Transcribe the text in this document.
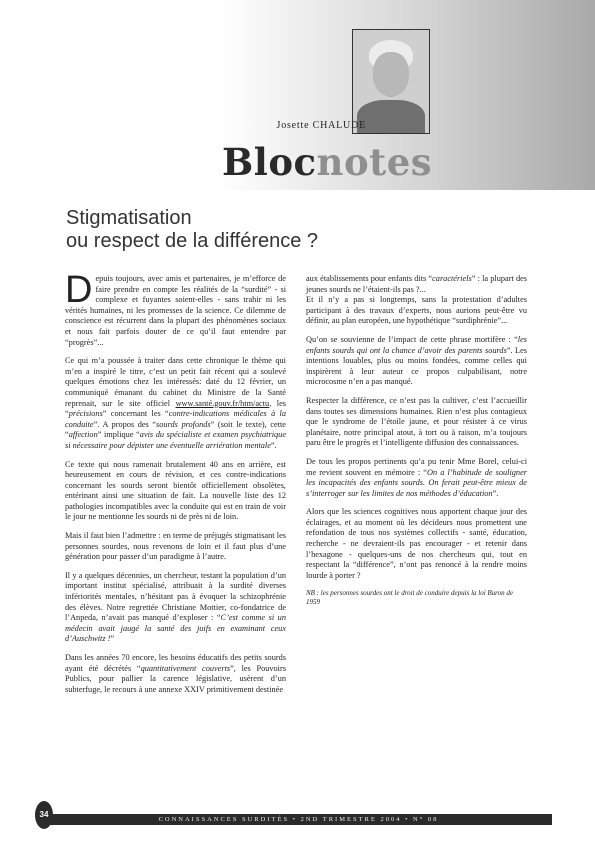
Josette CHALUDE
Blocnotes
Stigmatisation
ou respect de la différence ?

Depuis toujours, avec amis et partenaires, je m’efforce de faire prendre en compte les réalités de la “surdité” - si complexe et fuyantes soient-elles - sans trahir ni les vérités humaines, ni les promesses de la science. Ce dilemme de conscience est récurrent dans la plupart des phénomènes sociaux et nous fait parfois douter de ce qu’il faut entendre par “progrès”...

Ce qui m’a poussée à traiter dans cette chronique le thème qui m’en a inspiré le titre, c’est un petit fait récent qui a soulevé quelques émotions chez les intéressés: daté du 12 février, un communiqué émanant du cabinet du Ministre de la Santé reprenait, sur le site officiel www.santé.gouv.fr/htm/actu, les “précisions” concernant les “contre-indications médicales à la conduite”. A propos des “sourds profonds” (soit le texte), cette “affection” implique “avis du spécialiste et examen psychiatrique si nécessaire pour dépister une éventuelle arriération mentale”.

Ce texte qui nous ramenait brutalement 40 ans en arrière, est heureusement en cours de révision, et ces contre-indications concernant les sourds seront bientôt officiellement obsolètes, entérinant ainsi une situation de fait. La nouvelle liste des 12 pathologies incompatibles avec la conduite qui est en train de voir le jour ne mentionne les sourds ni de près ni de loin.

Mais il faut bien l’admettre : en terme de préjugés stigmatisant les personnes sourdes, nous revenons de loin et il faut plus d’une génération pour passer d’un paradigme à l’autre.

Il y a quelques décennies, un chercheur, testant la population d’un important institut spécialisé, attribuait à la surdité diverses infériorités mentales, n’hésitant pas à évoquer la schizophrénie des élèves. Notre regrettée Christiane Mottier, co-fondatrice de l’Anpeda, n’avait pas manqué d’exploser : “C’est comme si un médecin avait jaugé la santé des juifs en examinant ceux d’Auschwitz !”

Dans les années 70 encore, les besoins éducatifs des petits sourds ayant été décrétés “quantitativement couverts”, les Pouvoirs Publics, pour pallier la carence législative, usèrent d’un subterfuge, le recours à une annexe XXIV primitivement destinée

aux établissements pour enfants dits “caractériels” : la plupart des jeunes sourds ne l’étaient-ils pas ?...
Et il n’y a pas si longtemps, sans la protestation d’adultes participant à des travaux d’experts, nous aurions peut-être vu définir, au plan européen, une hypothétique “surdiphrénie”...

Qu’on se souvienne de l’impact de cette phrase mortifère : “les enfants sourds qui ont la chance d’avoir des parents sourds”. Les intentions louables, plus ou moins fondées, comme celles qui inspirèrent à leur auteur ce propos culpabilisant, notre microcosme n’en a pas manqué.

Respecter la différence, ce n’est pas la cultiver, c’est l’accueillir dans toutes ses dimensions humaines. Rien n’est plus contagieux que le syndrome de l’étoile jaune, et pour résister à ce virus planétaire, notre principal atout, à tort ou à raison, m’a toujours paru être le progrès et l’intelligente diffusion des connaissances.

De tous les propos pertinents qu’a pu tenir Mme Borel, celui-ci me revient souvent en mémoire : “On a l’habitude de souligner les incapacités des enfants sourds. On ferait peut-être mieux de s’interroger sur les limites de nos méthodes d’éducation”.

Alors que les sciences cognitives nous apportent chaque jour des éclairages, et au moment où les décideurs nous promettent une refondation de tous nos systèmes collectifs - santé, éducation, recherche - ne devraient-ils pas encourager - et retenir dans l’hexagone - quelques-uns de nos chercheurs qui, tout en respectant la “différence”, n’ont pas renoncé à la rendre moins lourde à porter ?

NB : les personnes sourdes ont le droit de conduire depuis la loi Buron de 1959

CONNAISSANCES SURDITÉS • 2ND TRIMESTRE 2004 • N° 08
34
